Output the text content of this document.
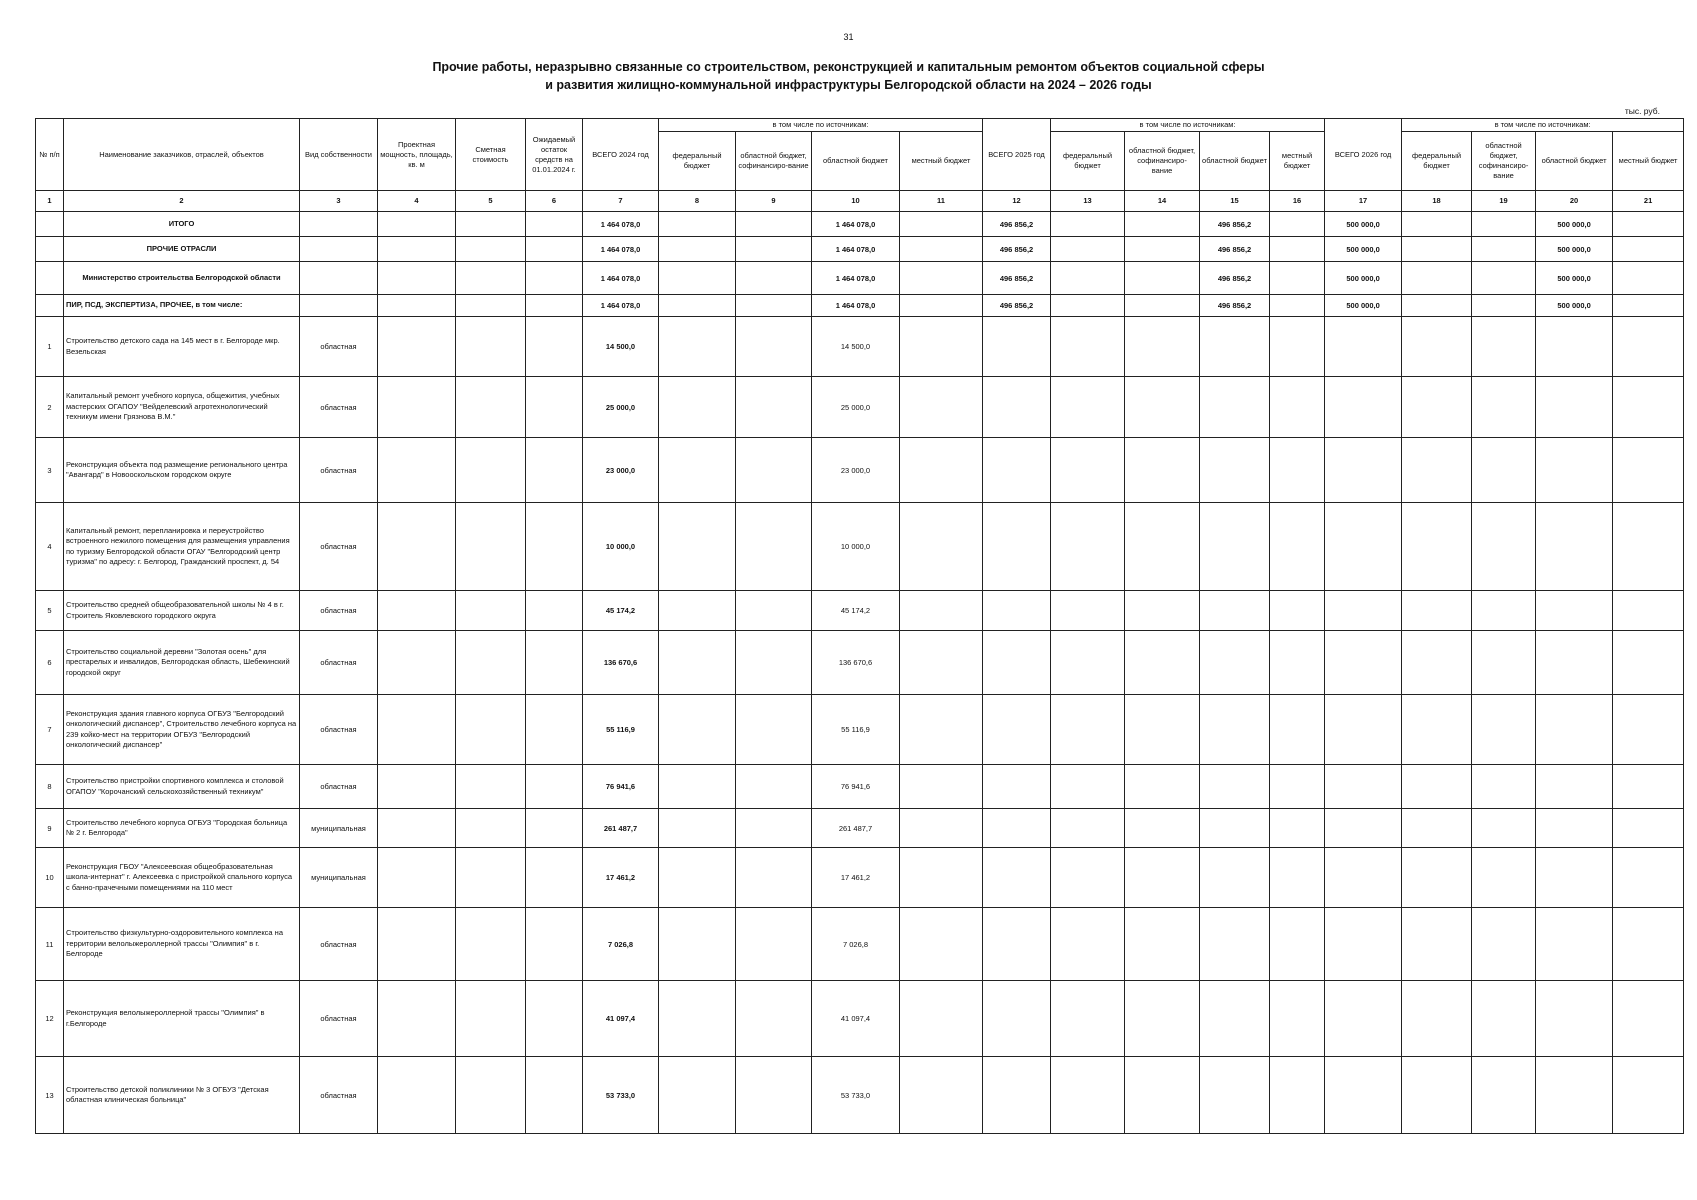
31
Прочие работы, неразрывно связанные со строительством, реконструкцией и капитальным ремонтом объектов социальной сферы
и развития жилищно-коммунальной инфраструктуры Белгородской области на 2024 – 2026 годы
тыс. руб.
№ п/п	Наименование заказчиков, отраслей, объектов	Вид собственности	Проектная мощность, площадь, кв. м	Сметная стоимость	Ожидаемый остаток средств на 01.01.2024 г.	ВСЕГО 2024 год	в том числе по источникам:				ВСЕГО 2025 год	в том числе по источникам:				ВСЕГО 2026 год	в том числе по источникам:			
							федеральный бюджет	областной бюджет, софинансиро-вание	областной бюджет	местный бюджет		федеральный бюджет	областной бюджет, софинансиро-вание	областной бюджет	местный бюджет		федеральный бюджет	областной бюджет, софинансиро-вание	областной бюджет	местный бюджет
1	2	3	4	5	6	7	8	9	10	11	12	13	14	15	16	17	18	19	20	21
	ИТОГО					1 464 078,0			1 464 078,0		496 856,2			496 856,2		500 000,0			500 000,0	
	ПРОЧИЕ ОТРАСЛИ					1 464 078,0			1 464 078,0		496 856,2			496 856,2		500 000,0			500 000,0	
	Министерство строительства Белгородской области					1 464 078,0			1 464 078,0		496 856,2			496 856,2		500 000,0			500 000,0	
	ПИР, ПСД, ЭКСПЕРТИЗА, ПРОЧЕЕ, в том числе:					1 464 078,0			1 464 078,0		496 856,2			496 856,2		500 000,0			500 000,0	
1	Строительство детского сада на 145 мест в г. Белгороде мкр. Везельская	областная				14 500,0			14 500,0											
2	Капитальный ремонт учебного корпуса, общежития, учебных мастерских ОГАПОУ "Вейделевский агротехнологический техникум имени Грязнова В.М."	областная				25 000,0			25 000,0											
3	Реконструкция объекта под размещение регионального центра "Авангард" в Новооскольском городском округе	областная				23 000,0			23 000,0											
4	Капитальный ремонт, перепланировка и переустройство встроенного нежилого помещения для размещения управления по туризму Белгородской области ОГАУ "Белгородский центр туризма" по адресу: г. Белгород, Гражданский проспект, д. 54	областная				10 000,0			10 000,0											
5	Строительство средней общеобразовательной школы № 4 в г. Строитель Яковлевского городского округа	областная				45 174,2			45 174,2											
6	Строительство социальной деревни "Золотая осень" для престарелых и инвалидов, Белгородская область, Шебекинский городской округ	областная				136 670,6			136 670,6											
7	Реконструкция здания главного корпуса ОГБУЗ "Белгородский онкологический диспансер", Строительство лечебного корпуса на 239 койко-мест на территории ОГБУЗ "Белгородский онкологический диспансер"	областная				55 116,9			55 116,9											
8	Строительство пристройки спортивного комплекса и столовой ОГАПОУ "Корочанский сельскохозяйственный техникум"	областная				76 941,6			76 941,6											
9	Строительство лечебного корпуса ОГБУЗ "Городская больница № 2 г. Белгорода"	муниципальная				261 487,7			261 487,7											
10	Реконструкция ГБОУ "Алексеевская общеобразовательная школа-интернат" г. Алексеевка с пристройкой спального корпуса с банно-прачечными помещениями на 110 мест	муниципальная				17 461,2			17 461,2											
11	Строительство физкультурно-оздоровительного комплекса на территории велолыжероллерной трассы "Олимпия" в г. Белгороде	областная				7 026,8			7 026,8											
12	Реконструкция велолыжероллерной трассы "Олимпия" в г.Белгороде	областная				41 097,4			41 097,4											
13	Строительство детской поликлиники № 3 ОГБУЗ "Детская областная клиническая больница"	областная				53 733,0			53 733,0											
